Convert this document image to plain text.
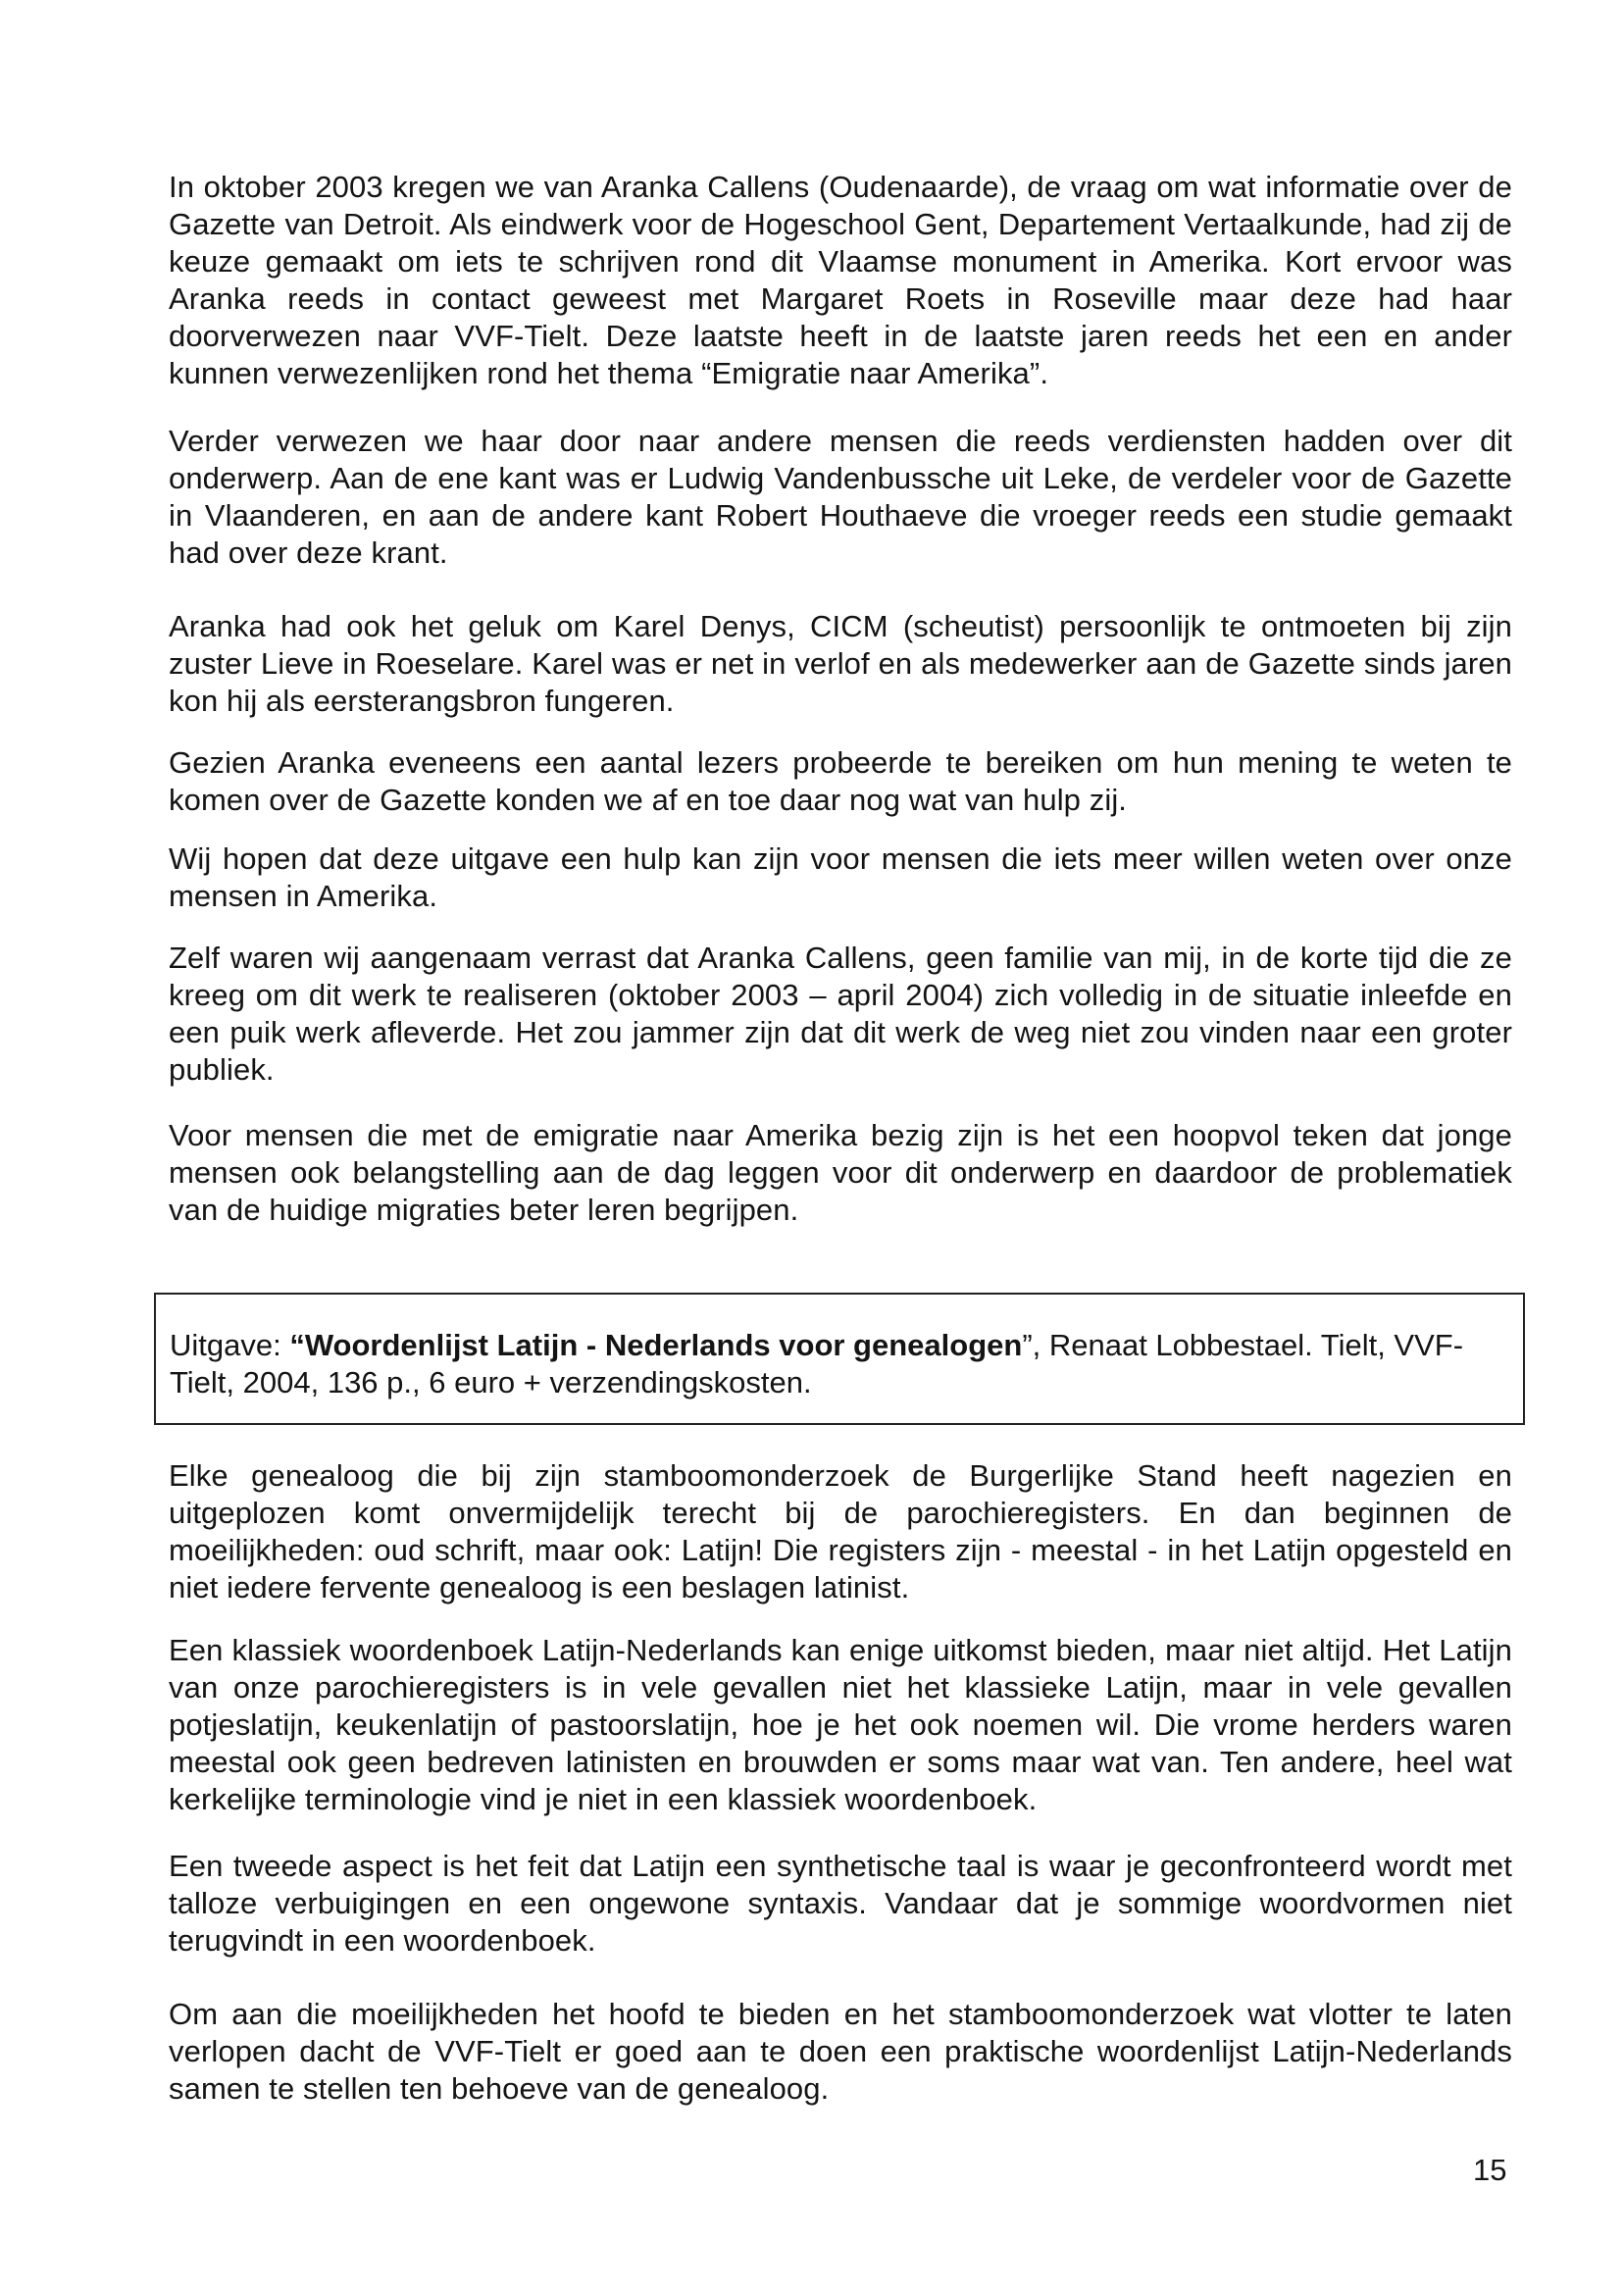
In oktober 2003 kregen we van Aranka Callens (Oudenaarde), de vraag om wat informatie over de Gazette van Detroit. Als eindwerk voor de Hogeschool Gent, Departement Vertaalkunde, had zij de keuze gemaakt om iets te schrijven rond dit Vlaamse monument in Amerika. Kort ervoor was Aranka reeds in contact geweest met Margaret Roets in Roseville maar deze had haar doorverwezen naar VVF-Tielt. Deze laatste heeft in de laatste jaren reeds het een en ander kunnen verwezenlijken rond het thema “Emigratie naar Amerika”.

Verder verwezen we haar door naar andere mensen die reeds verdiensten hadden over dit onderwerp. Aan de ene kant was er Ludwig Vandenbussche uit Leke, de verdeler voor de Gazette in Vlaanderen, en aan de andere kant Robert Houthaeve die vroeger reeds een studie gemaakt had over deze krant.

Aranka had ook het geluk om Karel Denys, CICM (scheutist) persoonlijk te ontmoeten bij zijn zuster Lieve in Roeselare. Karel was er net in verlof en als medewerker aan de Gazette sinds jaren kon hij als eersterangsbron fungeren.

Gezien Aranka eveneens een aantal lezers probeerde te bereiken om hun mening te weten te komen over de Gazette konden we af en toe daar nog wat van hulp zij.

Wij hopen dat deze uitgave een hulp kan zijn voor mensen die iets meer willen weten over onze mensen in Amerika.

Zelf waren wij aangenaam verrast dat Aranka Callens, geen familie van mij, in de korte tijd die ze kreeg om dit werk te realiseren (oktober 2003 – april 2004) zich volledig in de situatie inleefde en een puik werk afleverde. Het zou jammer zijn dat dit werk de weg niet zou vinden naar een groter publiek.

Voor mensen die met de emigratie naar Amerika bezig zijn is het een hoopvol teken dat jonge mensen ook belangstelling aan de dag leggen voor dit onderwerp en daardoor de problematiek van de huidige migraties beter leren begrijpen.

Uitgave: “Woordenlijst Latijn - Nederlands voor genealogen”, Renaat Lobbestael. Tielt, VVF-Tielt, 2004, 136 p., 6 euro + verzendingskosten.

Elke genealoog die bij zijn stamboomonderzoek de Burgerlijke Stand heeft nagezien en uitgeplozen komt onvermijdelijk terecht bij de parochieregisters. En dan beginnen de moeilijkheden: oud schrift, maar ook: Latijn! Die registers zijn - meestal - in het Latijn opgesteld en niet iedere fervente genealoog is een beslagen latinist.

Een klassiek woordenboek Latijn-Nederlands kan enige uitkomst bieden, maar niet altijd. Het Latijn van onze parochieregisters is in vele gevallen niet het klassieke Latijn, maar in vele gevallen potjeslatijn, keukenlatijn of pastoorslatijn, hoe je het ook noemen wil. Die vrome herders waren meestal ook geen bedreven latinisten en brouwden er soms maar wat van. Ten andere, heel wat kerkelijke terminologie vind je niet in een klassiek woordenboek.

Een tweede aspect is het feit dat Latijn een synthetische taal is waar je geconfronteerd wordt met talloze verbuigingen en een ongewone syntaxis. Vandaar dat je sommige woordvormen niet terugvindt in een woordenboek.

Om aan die moeilijkheden het hoofd te bieden en het stamboomonderzoek wat vlotter te laten verlopen dacht de VVF-Tielt er goed aan te doen een praktische woordenlijst Latijn-Nederlands samen te stellen ten behoeve van de genealoog.

15
